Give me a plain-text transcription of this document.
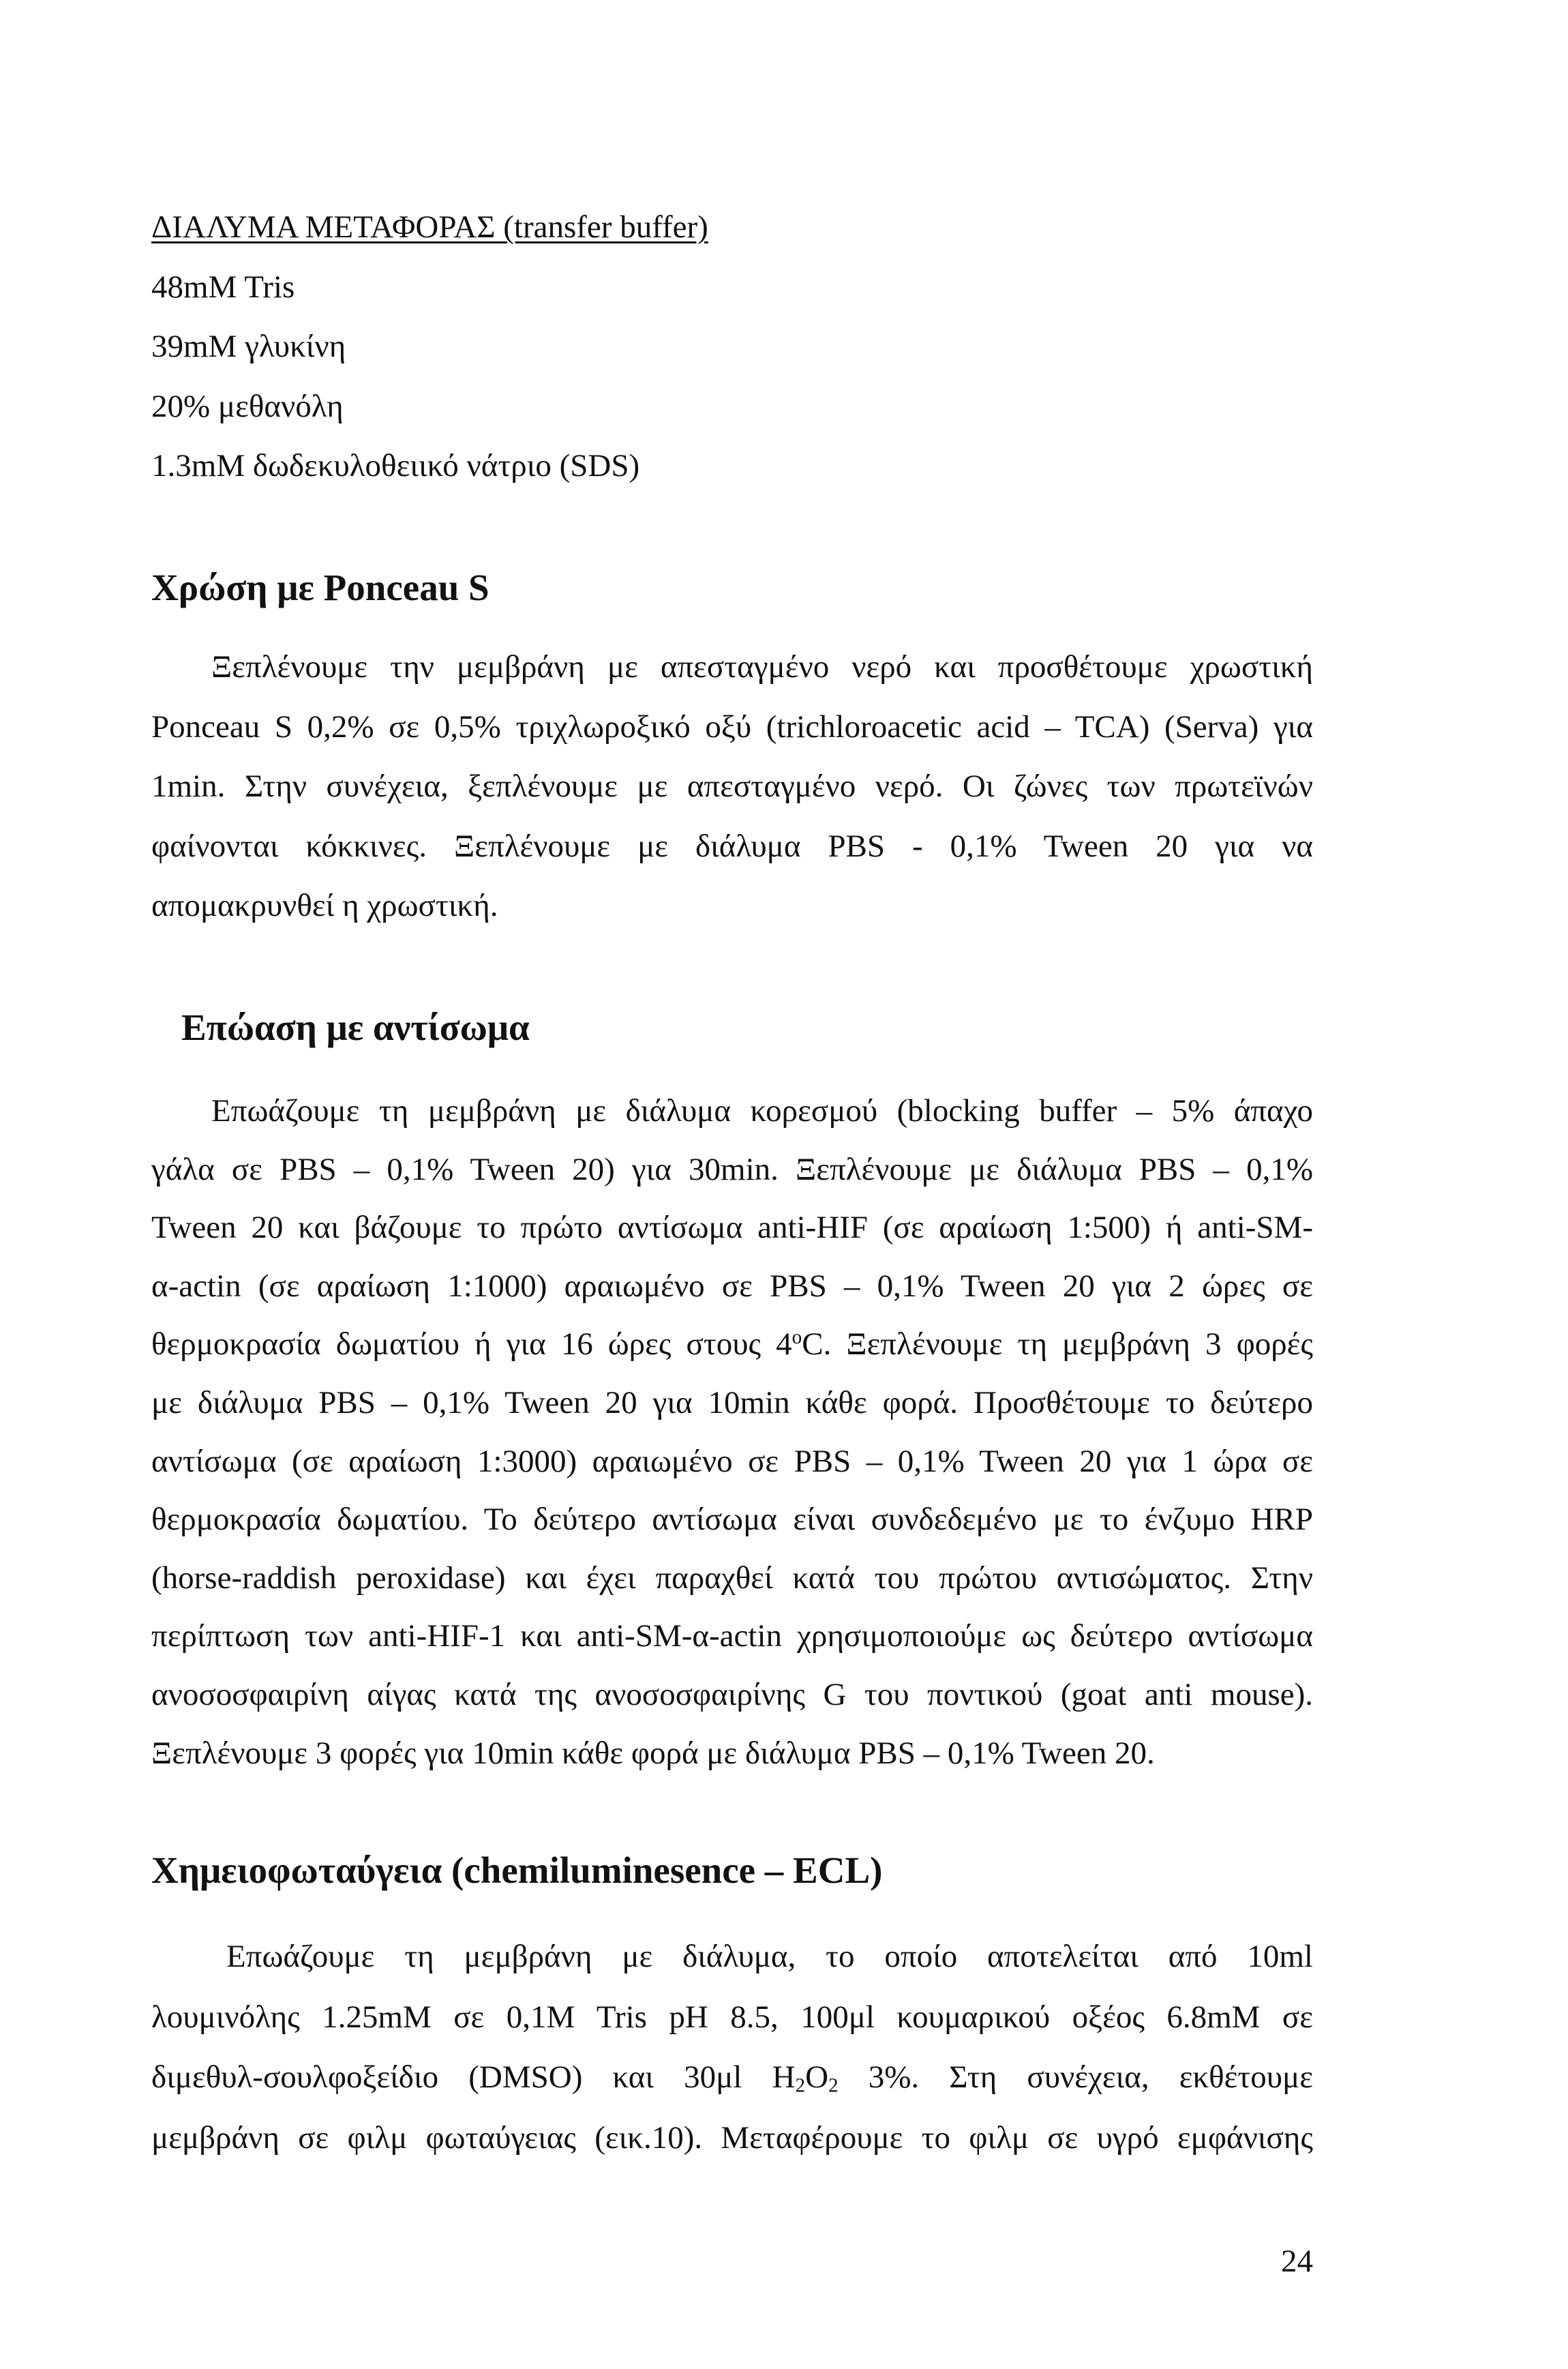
ΔΙΑΛΥΜΑ ΜΕΤΑΦΟΡΑΣ (transfer buffer)
48mM Tris
39mM γλυκίνη
20% μεθανόλη
1.3mM δωδεκυλοθειικό νάτριο (SDS)
Χρώση με Ponceau S
Ξεπλένουμε την μεμβράνη με απεσταγμένο νερό και προσθέτουμε χρωστική
Ponceau S 0,2% σε 0,5% τριχλωροξικό οξύ (trichloroacetic acid – TCA) (Serva) για
1min. Στην συνέχεια, ξεπλένουμε με απεσταγμένο νερό. Οι ζώνες των πρωτεϊνών
φαίνονται κόκκινες. Ξεπλένουμε με διάλυμα PBS - 0,1% Tween 20 για να
απομακρυνθεί η χρωστική.
Επώαση με αντίσωμα
Επωάζουμε τη μεμβράνη με διάλυμα κορεσμού (blocking buffer – 5% άπαχο
γάλα σε PBS – 0,1% Tween 20) για 30min. Ξεπλένουμε με διάλυμα PBS – 0,1%
Tween 20 και βάζουμε το πρώτο αντίσωμα anti-HIF (σε αραίωση 1:500) ή anti-SM-
α-actin (σε αραίωση 1:1000) αραιωμένο σε PBS – 0,1% Tween 20 για 2 ώρες σε
θερμοκρασία δωματίου ή για 16 ώρες στους 4$^o$C. Ξεπλένουμε τη μεμβράνη 3 φορές
με διάλυμα PBS – 0,1% Tween 20 για 10min κάθε φορά. Προσθέτουμε το δεύτερο
αντίσωμα (σε αραίωση 1:3000) αραιωμένο σε PBS – 0,1% Tween 20 για 1 ώρα σε
θερμοκρασία δωματίου. Το δεύτερο αντίσωμα είναι συνδεδεμένο με το ένζυμο HRP
(horse-raddish peroxidase) και έχει παραχθεί κατά του πρώτου αντισώματος. Στην
περίπτωση των anti-HIF-1 και anti-SM-α-actin χρησιμοποιούμε ως δεύτερο αντίσωμα
ανοσοσφαιρίνη αίγας κατά της ανοσοσφαιρίνης G του ποντικού (goat anti mouse).
Ξεπλένουμε 3 φορές για 10min κάθε φορά με διάλυμα PBS – 0,1% Tween 20.
Χημειοφωταύγεια (chemiluminesence – ECL)
Επωάζουμε τη μεμβράνη με διάλυμα, το οποίο αποτελείται από 10ml
λουμινόλης 1.25mM σε 0,1M Tris pH 8.5, 100μl κουμαρικού οξέος 6.8mM σε
διμεθυλ-σουλφοξείδιο (DMSO) και 30μl $H_2O_2$ 3%. Στη συνέχεια, εκθέτουμε
μεμβράνη σε φιλμ φωταύγειας (εικ.10). Μεταφέρουμε το φιλμ σε υγρό εμφάνισης
24
